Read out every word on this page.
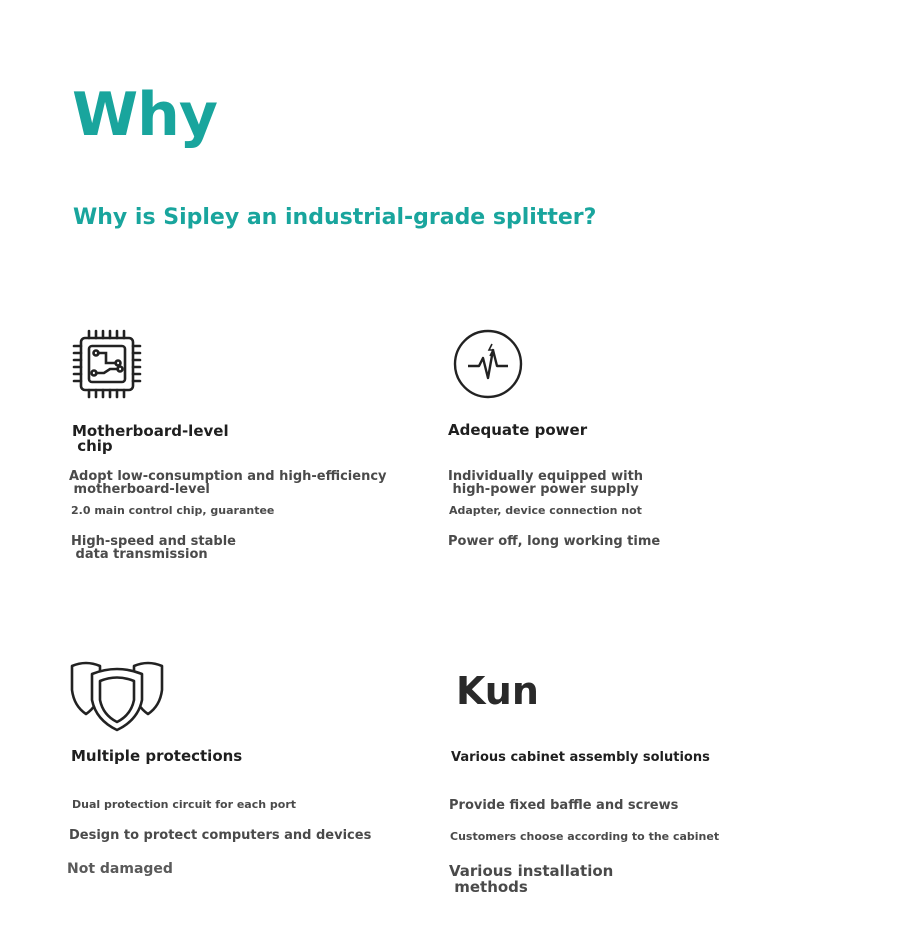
Why
Why is Sipley an industrial-grade splitter?
Motherboard-level
chip
Adopt low-consumption and high-efficiency
motherboard-level
2.0 main control chip, guarantee
High-speed and stable
data transmission
Adequate power
Individually equipped with
high-power power supply
Adapter, device connection not
Power off, long working time
Multiple protections
Dual protection circuit for each port
Design to protect computers and devices
Not damaged
Kun
Various cabinet assembly solutions
Provide fixed baffle and screws
Customers choose according to the cabinet
Various installation
methods
